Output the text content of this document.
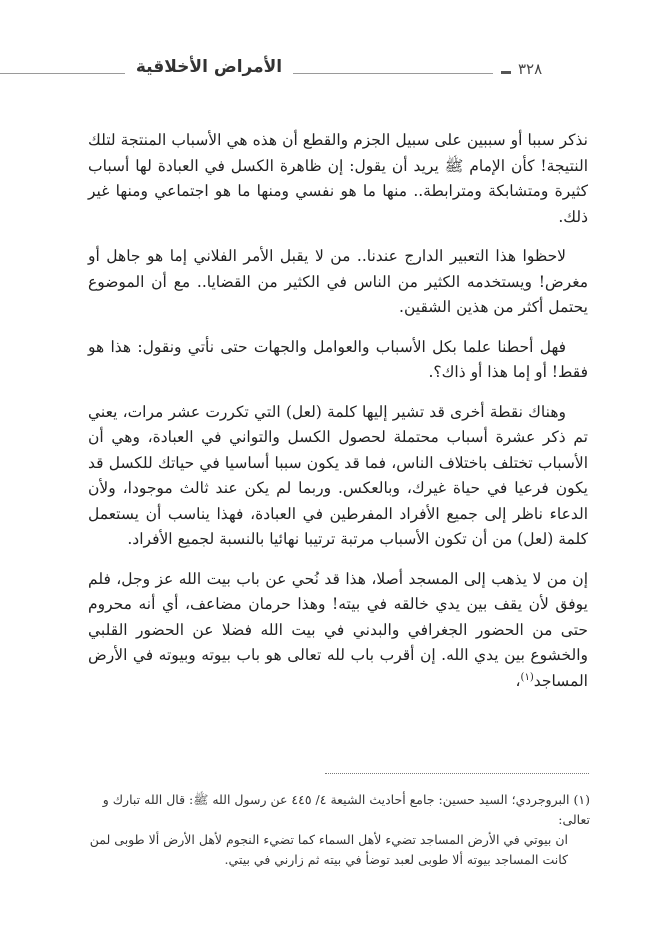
الأمراض الأخلاقية	٣٢٨

نذكر سببا أو سببين على سبيل الجزم والقطع أن هذه هي الأسباب المنتجة لتلك النتيجة! كأن الإمام ﷺ يريد أن يقول: إن ظاهرة الكسل في العبادة لها أسباب كثيرة ومتشابكة ومترابطة.. منها ما هو نفسي ومنها ما هو اجتماعي ومنها غير ذلك.

لاحظوا هذا التعبير الدارج عندنا.. من لا يقبل الأمر الفلاني إما هو جاهل أو مغرض! ويستخدمه الكثير من الناس في الكثير من القضايا.. مع أن الموضوع يحتمل أكثر من هذين الشقين.

فهل أحطنا علما بكل الأسباب والعوامل والجهات حتى نأتي ونقول: هذا هو فقط! أو إما هذا أو ذاك؟.

وهناك نقطة أخرى قد تشير إليها كلمة (لعل) التي تكررت عشر مرات، يعني تم ذكر عشرة أسباب محتملة لحصول الكسل والتواني في العبادة، وهي أن الأسباب تختلف باختلاف الناس، فما قد يكون سببا أساسيا في حياتك للكسل قد يكون فرعيا في حياة غيرك، وبالعكس. وربما لم يكن عند ثالث موجودا، ولأن الدعاء ناظر إلى جميع الأفراد المفرطين في العبادة، فهذا يناسب أن يستعمل كلمة (لعل) من أن تكون الأسباب مرتبة ترتيبا نهائيا بالنسبة لجميع الأفراد.

إن من لا يذهب إلى المسجد أصلا، هذا قد نُحي عن باب بيت الله عز وجل، فلم يوفق لأن يقف بين يدي خالقه في بيته! وهذا حرمان مضاعف، أي أنه محروم حتى من الحضور الجغرافي والبدني في بيت الله فضلا عن الحضور القلبي والخشوع بين يدي الله. إن أقرب باب لله تعالى هو باب بيوته وبيوته في الأرض المساجد$^{(١)}$،

(١) البروجردي؛ السيد حسين: جامع أحاديث الشيعة ٤/ ٤٤٥ عن رسول الله ﷺ: قال الله تبارك و تعالى:

ان بيوتي في الأرض المساجد تضيء لأهل السماء كما تضيء النجوم لأهل الأرض ألا طوبى لمن كانت المساجد بيوته ألا طوبى لعبد توضأ في بيته ثم زارني في بيتي.
